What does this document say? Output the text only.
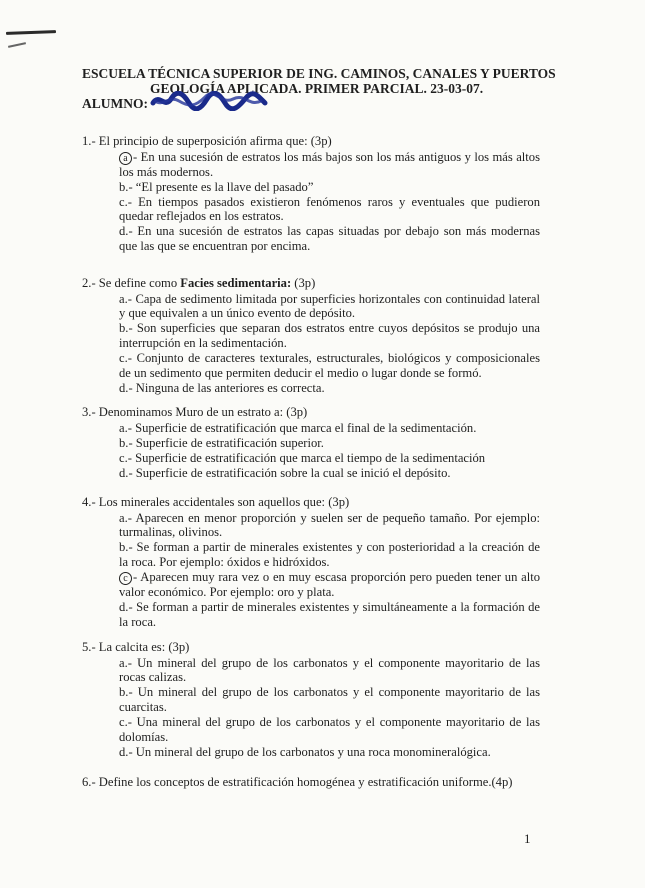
ESCUELA TÉCNICA SUPERIOR DE ING. CAMINOS, CANALES Y PUERTOS
GEOLOGÍA APLICADA. PRIMER PARCIAL. 23-03-07.
ALUMNO:
1.- El principio de superposición afirma que: (3p)
a - En una sucesión de estratos los más bajos son los más antiguos y los más altos los más modernos.
b.- “El presente es la llave del pasado”
c.- En tiempos pasados existieron fenómenos raros y eventuales que pudieron quedar reflejados en los estratos.
d.- En una sucesión de estratos las capas situadas por debajo son más modernas que las que se encuentran por encima.
2.- Se define como Facies sedimentaria: (3p)
a.- Capa de sedimento limitada por superficies horizontales con continuidad lateral y que equivalen a un único evento de depósito.
b.- Son superficies que separan dos estratos entre cuyos depósitos se produjo una interrupción en la sedimentación.
c.- Conjunto de caracteres texturales, estructurales, biológicos y composicionales de un sedimento que permiten deducir el medio o lugar donde se formó.
d.- Ninguna de las anteriores es correcta.
3.- Denominamos Muro de un estrato a: (3p)
a.- Superficie de estratificación que marca el final de la sedimentación.
b.- Superficie de estratificación superior.
c.- Superficie de estratificación que marca el tiempo de la sedimentación
d.- Superficie de estratificación sobre la cual se inició el depósito.
4.- Los minerales accidentales son aquellos que: (3p)
a.- Aparecen en menor proporción y suelen ser de pequeño tamaño. Por ejemplo: turmalinas, olivinos.
b.- Se forman a partir de minerales existentes y con posterioridad a la creación de la roca. Por ejemplo: óxidos e hidróxidos.
c - Aparecen muy rara vez o en muy escasa proporción pero pueden tener un alto valor económico. Por ejemplo: oro y plata.
d.- Se forman a partir de minerales existentes y simultáneamente a la formación de la roca.
5.- La calcita es: (3p)
a.- Un mineral del grupo de los carbonatos y el componente mayoritario de las rocas calizas.
b.- Un mineral del grupo de los carbonatos y el componente mayoritario de las cuarcitas.
c.- Una mineral del grupo de los carbonatos y el componente mayoritario de las dolomías.
d.- Un mineral del grupo de los carbonatos y una roca monomineralógica.
6.- Define los conceptos de estratificación homogénea y estratificación uniforme.(4p)
1
